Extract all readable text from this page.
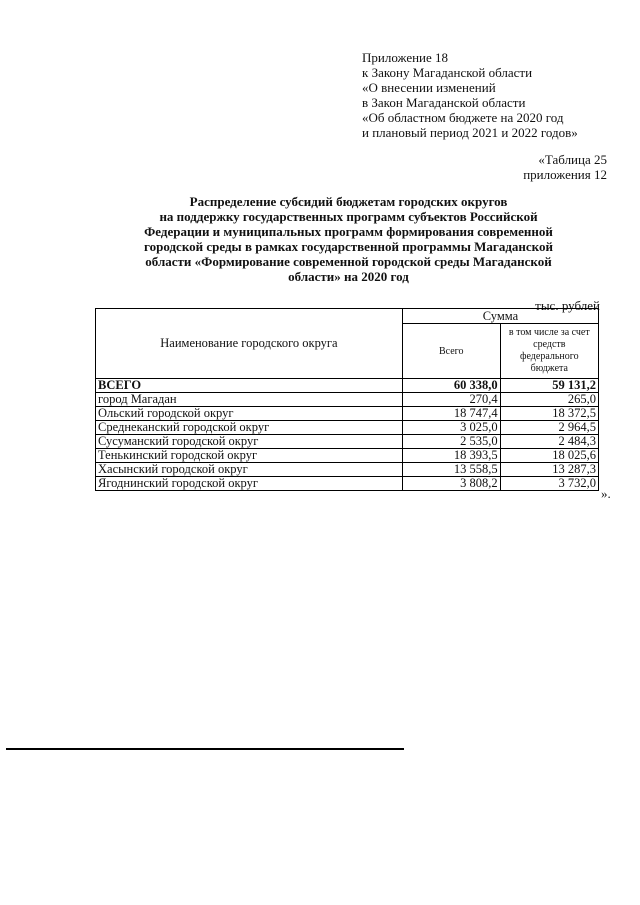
Приложение 18
к Закону Магаданской области
«О внесении изменений
в Закон Магаданской области
«Об областном бюджете на 2020 год
и плановый период 2021 и 2022 годов»
«Таблица 25
приложения 12
Распределение субсидий бюджетам городских округов
на поддержку государственных программ субъектов Российской
Федерации и муниципальных программ формирования современной
городской среды в рамках государственной программы Магаданской
области «Формирование современной городской среды Магаданской
области» на 2020 год
тыс. рублей
Наименование городского округа	Сумма	
	Всего	в том числе за счет средств федерального бюджета
ВСЕГО	60 338,0	59 131,2
город Магадан	270,4	265,0
Ольский городской округ	18 747,4	18 372,5
Среднеканский городской округ	3 025,0	2 964,5
Сусуманский городской округ	2 535,0	2 484,3
Тенькинский городской округ	18 393,5	18 025,6
Хасынский городской округ	13 558,5	13 287,3
Ягоднинский городской округ	3 808,2	3 732,0
».
